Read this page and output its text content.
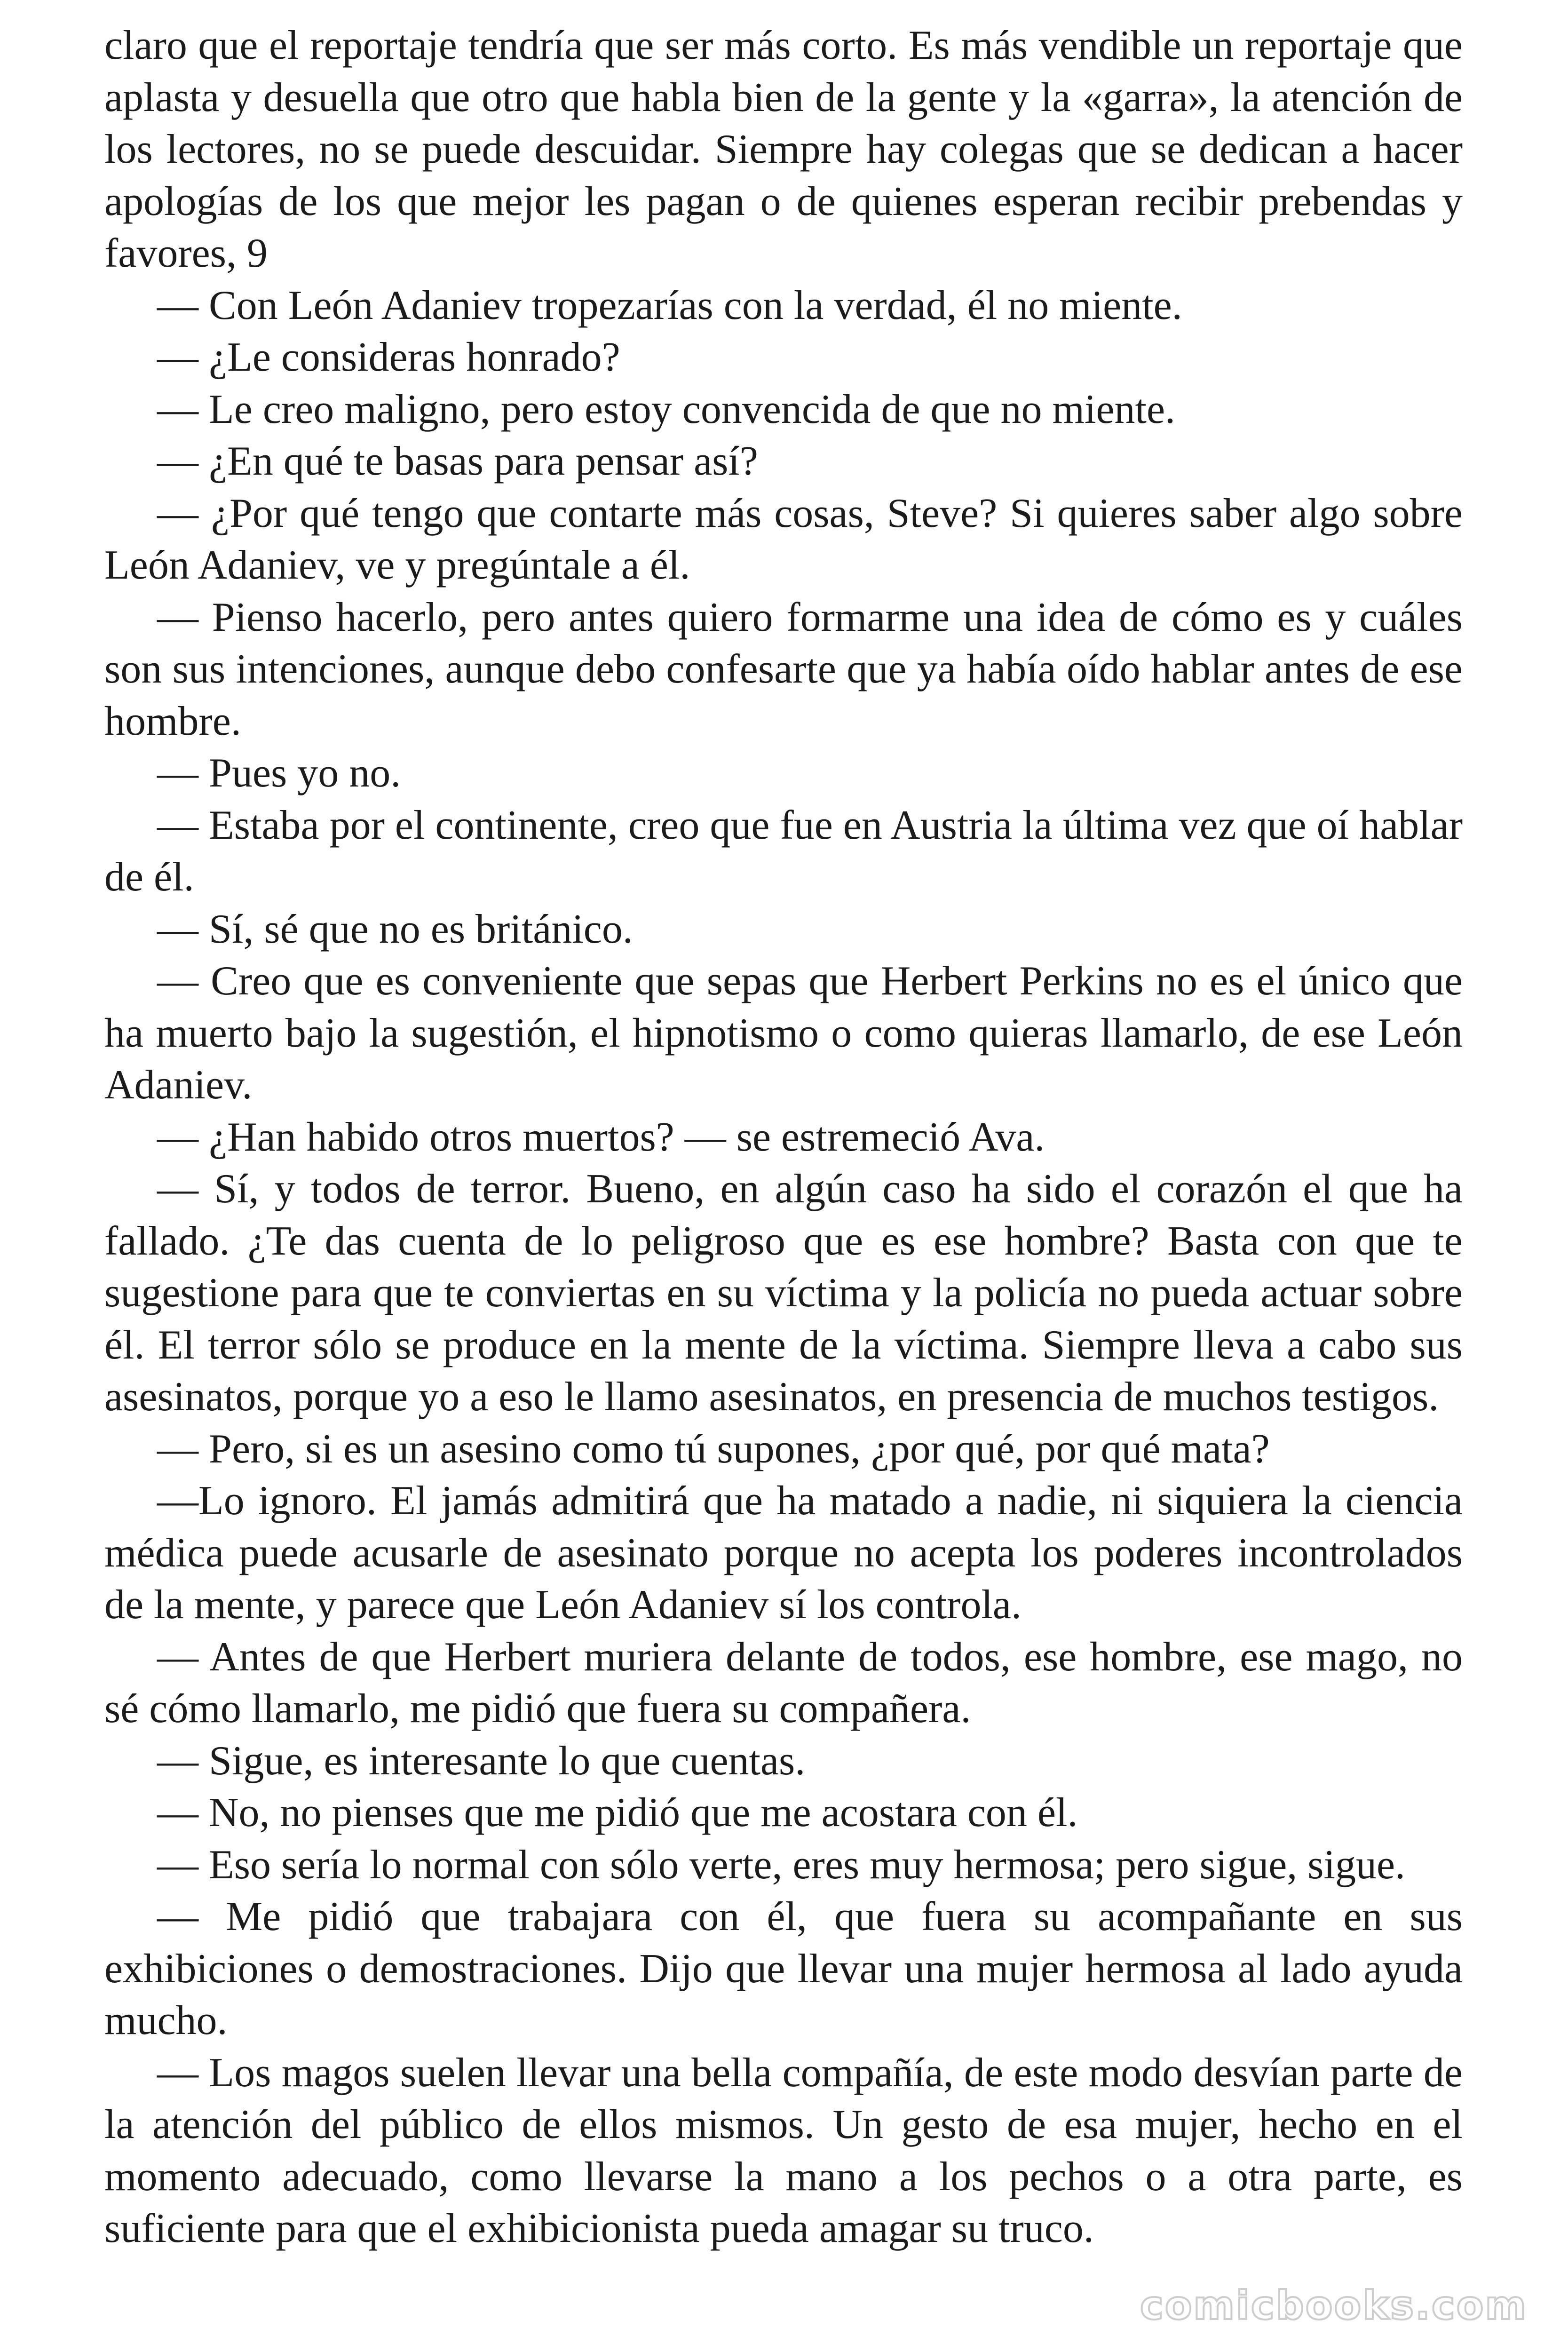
claro que el reportaje tendría que ser más corto. Es más vendible un reportaje que aplasta y desuella que otro que habla bien de la gente y la «garra», la atención de los lectores, no se puede descuidar. Siempre hay colegas que se dedican a hacer apologías de los que mejor les pagan o de quienes esperan recibir prebendas y favores, 9

— Con León Adaniev tropezarías con la verdad, él no miente.

— ¿Le consideras honrado?

— Le creo maligno, pero estoy convencida de que no miente.

— ¿En qué te basas para pensar así?

— ¿Por qué tengo que contarte más cosas, Steve? Si quieres saber algo sobre León Adaniev, ve y pregúntale a él.

— Pienso hacerlo, pero antes quiero formarme una idea de cómo es y cuáles son sus intenciones, aunque debo confesarte que ya había oído hablar antes de ese hombre.

— Pues yo no.

— Estaba por el continente, creo que fue en Austria la última vez que oí hablar de él.

— Sí, sé que no es británico.

— Creo que es conveniente que sepas que Herbert Perkins no es el único que ha muerto bajo la sugestión, el hipnotismo o como quieras llamarlo, de ese León Adaniev.

— ¿Han habido otros muertos? — se estremeció Ava.

— Sí, y todos de terror. Bueno, en algún caso ha sido el corazón el que ha fallado. ¿Te das cuenta de lo peligroso que es ese hombre? Basta con que te sugestione para que te conviertas en su víctima y la policía no pueda actuar sobre él. El terror sólo se produce en la mente de la víctima. Siempre lleva a cabo sus asesinatos, porque yo a eso le llamo asesinatos, en presencia de muchos testigos.

— Pero, si es un asesino como tú supones, ¿por qué, por qué mata?

—Lo ignoro. El jamás admitirá que ha matado a nadie, ni siquiera la ciencia médica puede acusarle de asesinato porque no acepta los poderes incontrolados de la mente, y parece que León Adaniev sí los controla.

— Antes de que Herbert muriera delante de todos, ese hombre, ese mago, no sé cómo llamarlo, me pidió que fuera su compañera.

— Sigue, es interesante lo que cuentas.

— No, no pienses que me pidió que me acostara con él.

— Eso sería lo normal con sólo verte, eres muy hermosa; pero sigue, sigue.

— Me pidió que trabajara con él, que fuera su acompañante en sus exhibiciones o demostraciones. Dijo que llevar una mujer hermosa al lado ayuda mucho.

— Los magos suelen llevar una bella compañía, de este modo desvían parte de la atención del público de ellos mismos. Un gesto de esa mujer, hecho en el momento adecuado, como llevarse la mano a los pechos o a otra parte, es suficiente para que el exhibicionista pueda amagar su truco.

comicbooks.com
